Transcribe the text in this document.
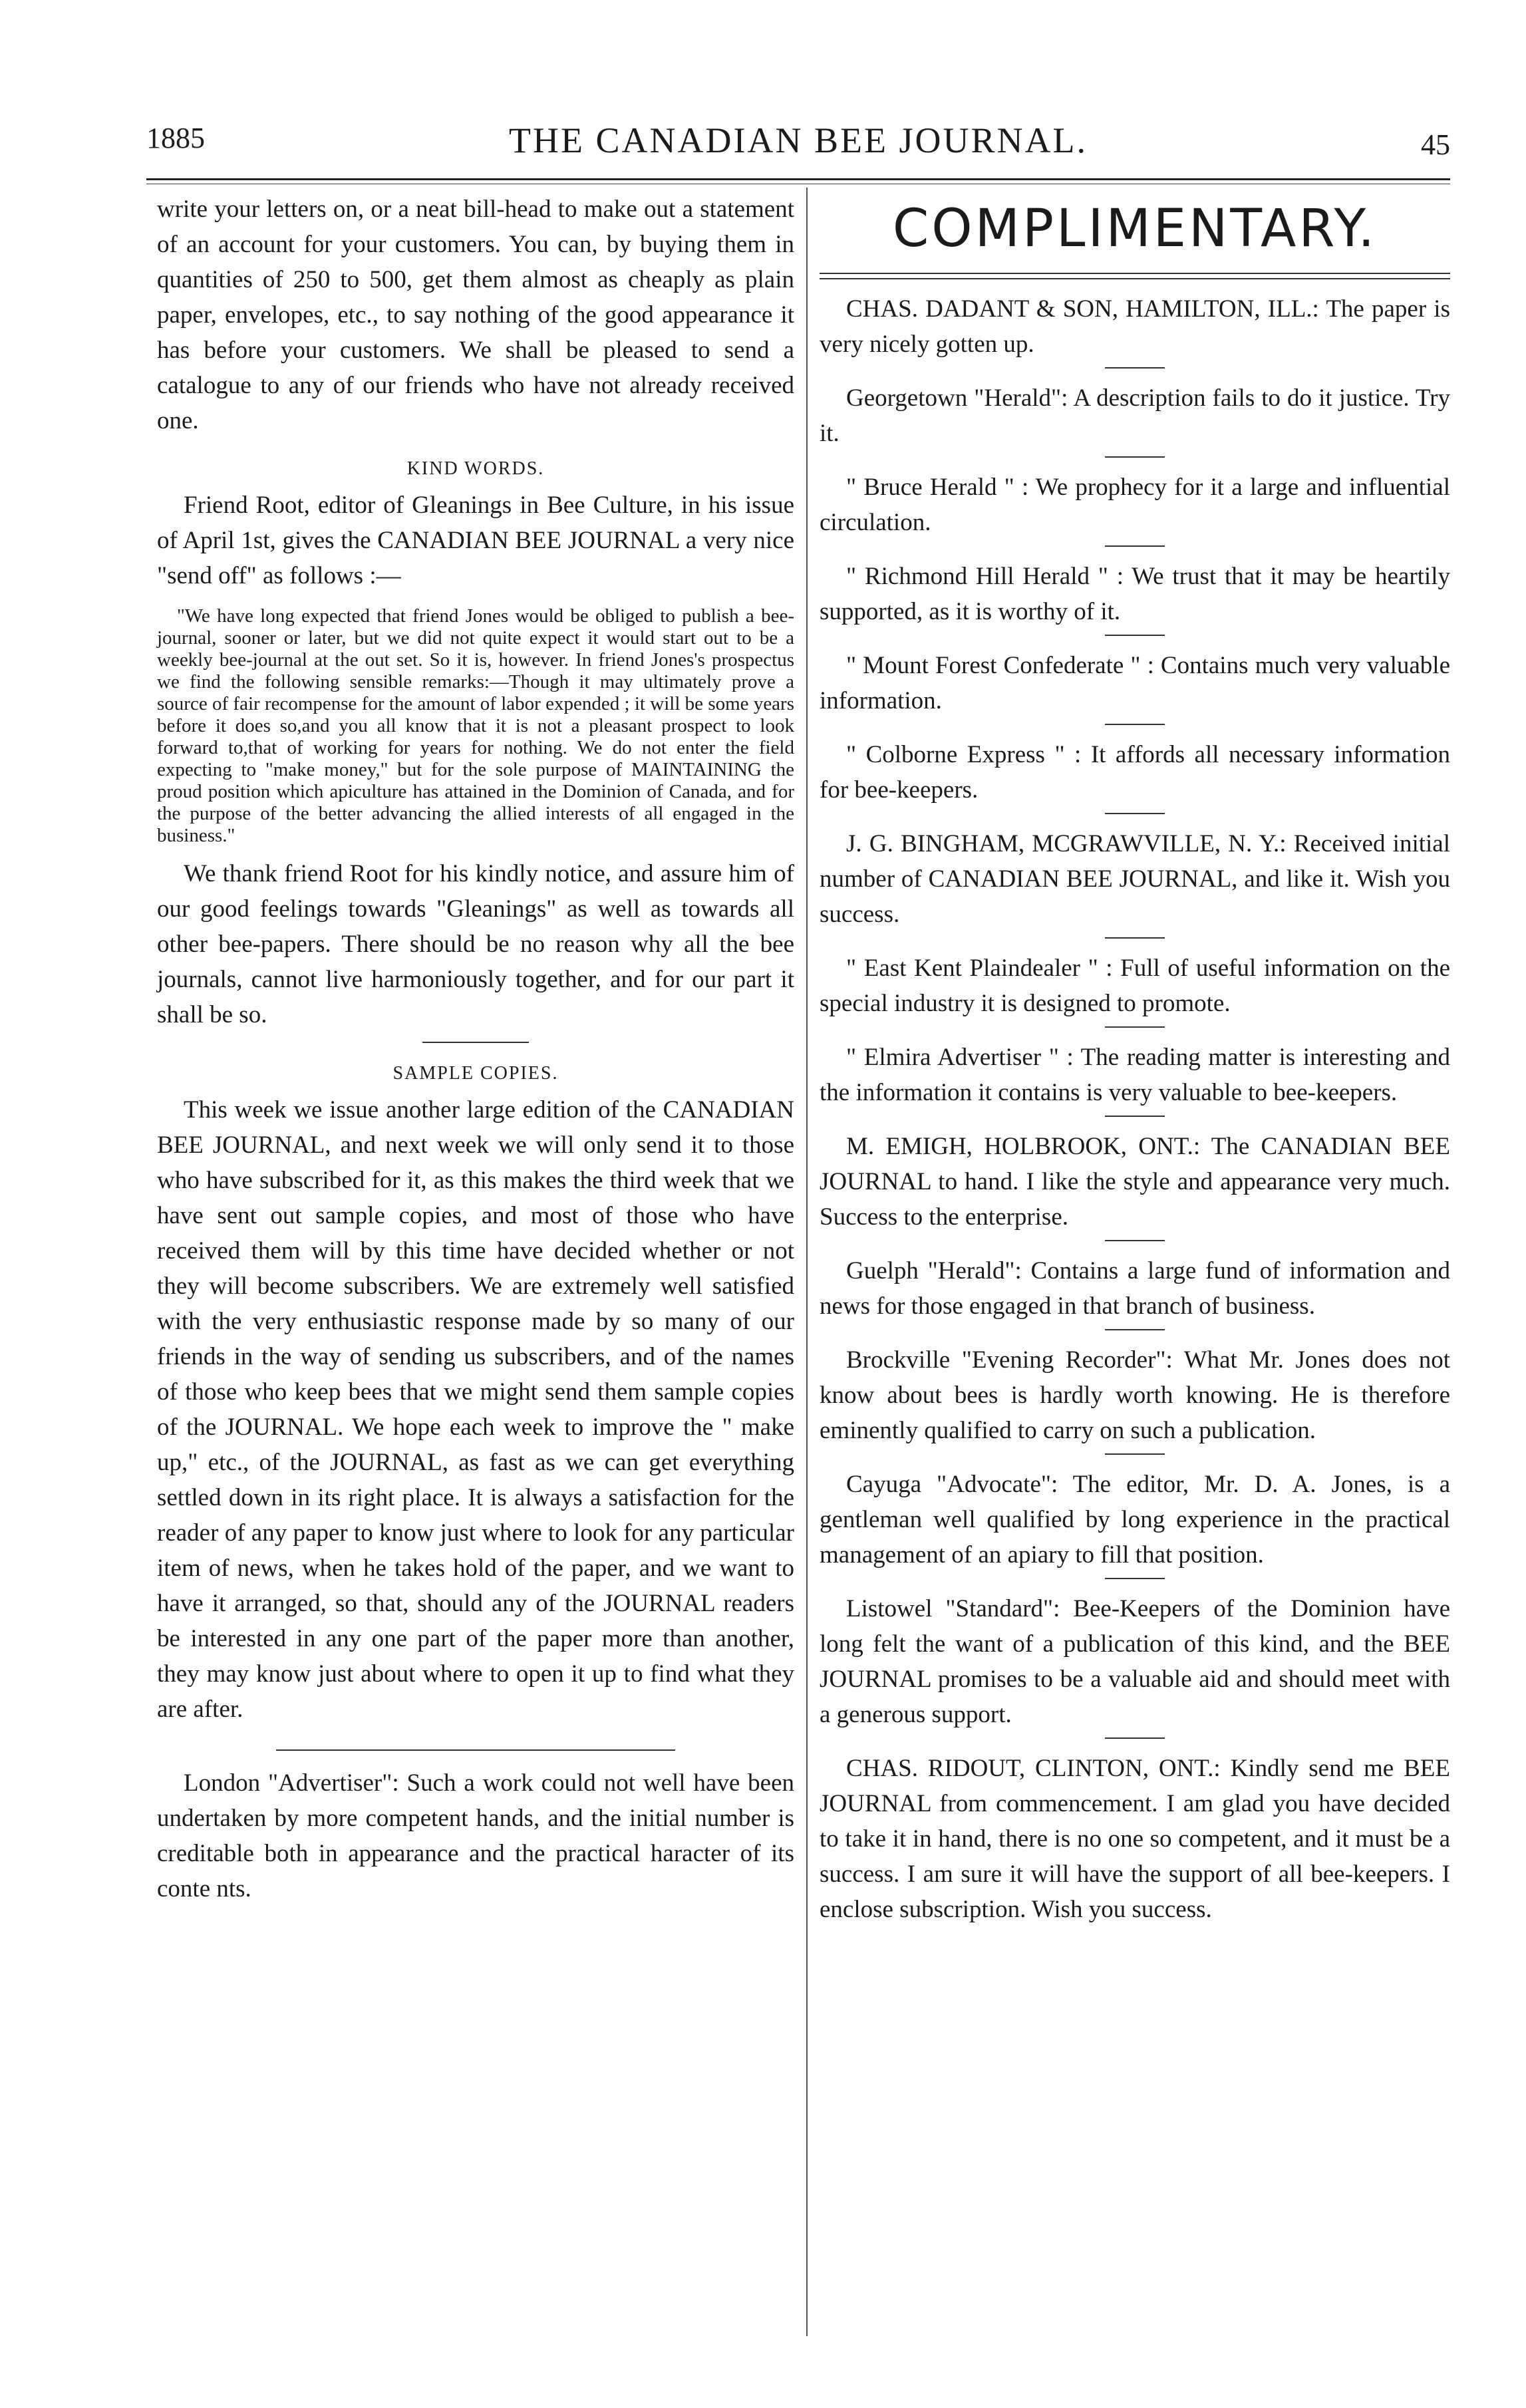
1885	THE CANADIAN BEE JOURNAL.	45

write your letters on, or a neat bill-head to make out a statement of an account for your customers. You can, by buying them in quantities of 250 to 500, get them almost as cheaply as plain paper, envelopes, etc., to say nothing of the good appearance it has before your customers. We shall be pleased to send a catalogue to any of our friends who have not already received one.

KIND WORDS.

Friend Root, editor of Gleanings in Bee Culture, in his issue of April 1st, gives the CANADIAN BEE JOURNAL a very nice "send off" as follows :—

"We have long expected that friend Jones would be obliged to publish a bee-journal, sooner or later, but we did not quite expect it would start out to be a weekly bee-journal at the out set. So it is, however. In friend Jones's prospectus we find the following sensible remarks:—Though it may ultimately prove a source of fair recompense for the amount of labor expended ; it will be some years before it does so,and you all know that it is not a pleasant prospect to look forward to,that of working for years for nothing. We do not enter the field expecting to "make money," but for the sole purpose of MAINTAINING the proud position which apiculture has attained in the Dominion of Canada, and for the purpose of the better advancing the allied interests of all engaged in the business."

We thank friend Root for his kindly notice, and assure him of our good feelings towards "Gleanings" as well as towards all other bee-papers. There should be no reason why all the bee journals, cannot live harmoniously together, and for our part it shall be so.

SAMPLE COPIES.

This week we issue another large edition of the CANADIAN BEE JOURNAL, and next week we will only send it to those who have subscribed for it, as this makes the third week that we have sent out sample copies, and most of those who have received them will by this time have decided whether or not they will become subscribers. We are extremely well satisfied with the very enthusiastic response made by so many of our friends in the way of sending us subscribers, and of the names of those who keep bees that we might send them sample copies of the JOURNAL. We hope each week to improve the " make up," etc., of the JOURNAL, as fast as we can get everything settled down in its right place. It is always a satisfaction for the reader of any paper to know just where to look for any particular item of news, when he takes hold of the paper, and we want to have it arranged, so that, should any of the JOURNAL readers be interested in any one part of the paper more than another, they may know just about where to open it up to find what they are after.

London "Advertiser": Such a work could not well have been undertaken by more competent hands, and the initial number is creditable both in appearance and the practical haracter of its conte nts.

COMPLIMENTARY.

CHAS. DADANT & SON, HAMILTON, ILL.: The paper is very nicely gotten up.

Georgetown "Herald": A description fails to do it justice. Try it.

" Bruce Herald " : We prophecy for it a large and influential circulation.

" Richmond Hill Herald " : We trust that it may be heartily supported, as it is worthy of it.

" Mount Forest Confederate " : Contains much very valuable information.

" Colborne Express " : It affords all necessary information for bee-keepers.

J. G. BINGHAM, MCGRAWVILLE, N. Y.: Received initial number of CANADIAN BEE JOURNAL, and like it. Wish you success.

" East Kent Plaindealer " : Full of useful information on the special industry it is designed to promote.

" Elmira Advertiser " : The reading matter is interesting and the information it contains is very valuable to bee-keepers.

M. EMIGH, HOLBROOK, ONT.: The CANADIAN BEE JOURNAL to hand. I like the style and appearance very much. Success to the enterprise.

Guelph "Herald": Contains a large fund of information and news for those engaged in that branch of business.

Brockville "Evening Recorder": What Mr. Jones does not know about bees is hardly worth knowing. He is therefore eminently qualified to carry on such a publication.

Cayuga "Advocate": The editor, Mr. D. A. Jones, is a gentleman well qualified by long experience in the practical management of an apiary to fill that position.

Listowel "Standard": Bee-Keepers of the Dominion have long felt the want of a publication of this kind, and the BEE JOURNAL promises to be a valuable aid and should meet with a generous support.

CHAS. RIDOUT, CLINTON, ONT.: Kindly send me BEE JOURNAL from commencement. I am glad you have decided to take it in hand, there is no one so competent, and it must be a success. I am sure it will have the support of all bee-keepers. I enclose subscription. Wish you success.
